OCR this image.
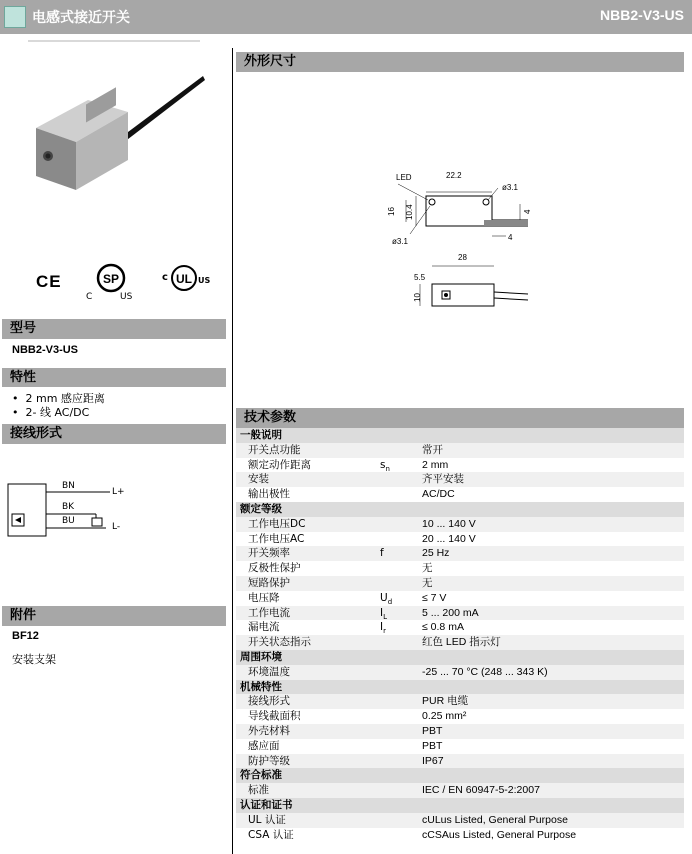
电感式接近开关	NBB2-V3-US
CE	SP
C	US
c UL US
型号
NBB2-V3-US
特性
•  2 mm 感应距离
•  2- 线 AC/DC
接线形式
BN
BK
BU
L+
L-
附件
BF12
安装支架
外形尺寸
LED	22.2
ø3.1
16 10.4	4
ø3.1	4
28
5.5
10
技术参数
一般说明
开关点功能	常开
额定动作距离	$s_n$	2 mm
安装	齐平安装
输出极性	AC/DC
额定等级
工作电压DC	10 ... 140 V
工作电压AC	20 ... 140 V
开关频率	f	25 Hz
反极性保护	无
短路保护	无
电压降	$U_d$	≤ 7 V
工作电流	$I_L$	5 ... 200 mA
漏电流	$I_r$	≤ 0.8 mA
开关状态指示	红色 LED 指示灯
周围环境
环境温度	-25 ... 70 °C (248 ... 343 K)
机械特性
接线形式	PUR 电缆
导线截面积	0.25 mm²
外壳材料	PBT
感应面	PBT
防护等级	IP67
符合标准
标准	IEC / EN 60947-5-2:2007
认证和证书
UL 认证	cULus Listed, General Purpose
CSA 认证	cCSAus Listed, General Purpose
